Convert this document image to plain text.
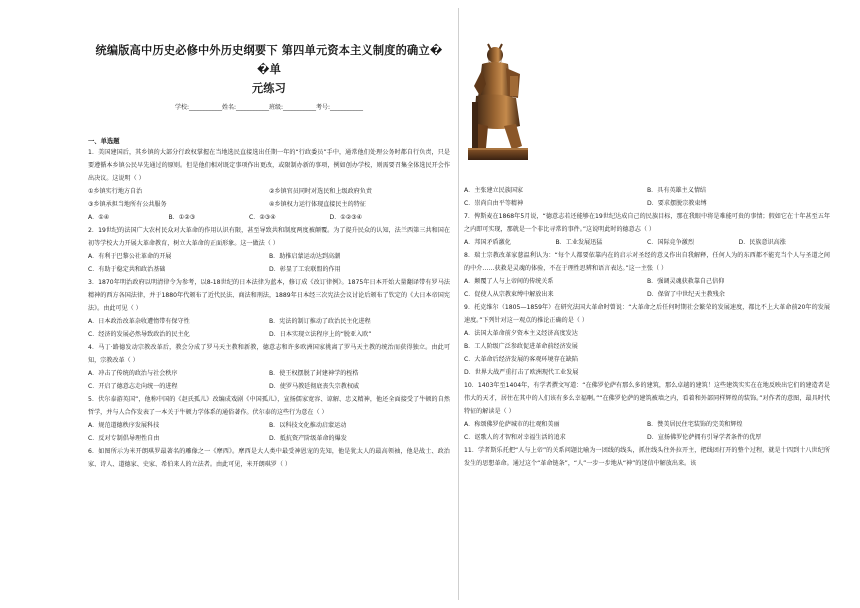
统编版高中历史必修中外历史纲要下 第四单元资本主义制度的确立� �单
元练习
学校:___________姓名:___________班级:___________考号:___________
一、单选题

1．美国建国后，其乡镇的大部分行政权掌握在当地选民直接选出任期一年的“行政委员”手中，通常他们处理公务时都自行负责，只是要遵循本乡镇公民早先通过的原则。但是他们相对既定事项作出更改，或限制办新的事项，例如创办学校，则需要召集全体选民开会作出决议。这说明（ ）

①乡镇实行地方自治	②乡镇官员同时对选民和上级政府负责
③乡镇承担当地所有公共服务	④乡镇权力运行体现直接民主的特征
A．①④	B．①②③	C．②③④	D．①②③④

2．19世纪的法国广大农村民众对大革命的作用认识有限，甚至导致共和制度两度被颠覆。为了提升民众的认知，法兰西第三共和国在初等学校大力开展大革命教育，树立大革命的正面形象。这一做法（ ）

A．有利于巴黎公社革命的开展	B．助推启蒙运动达到高潮
C．有助于稳定共和政治基础	D．彰显了工农联盟的作用

3．1870年明治政府以明清律令为参考，以8-18世纪的日本法律为蓝本，修订成《改订律例》。1875年日本开始大量翻译带有罗马法精神的西方各国法律，并于1880年代颁布了近代民法、商法和刑法，1889年日本经三次宪法会议讨论后颁布了钦定的《大日本帝国宪法》。由此可见（ ）

A．日本政治改革杂收遭惰带有保守性	B．宪法的制订推动了政治民主化进程
C．经济的发展必然导致政治的民主化	D．日本实现立法程序上的“脱亚入欧”

4．马丁·路德发动宗教改革后，教会分成了罗马天主教和新教，德意志和许多欧洲国家挑离了罗马天主教的统治而获得独立。由此可知，宗教改革（ ）

A．冲击了传统的政治与社会秩序	B．使王权摆脱了封建神学的桎梏
C．开启了德意志走向统一的进程	D．使罗马教廷彻底丧失宗教权威

5．伏尔泰游英国”，他称中国的《赵氏孤儿》改编成戏剧《中国孤儿》，宣扬儒家宽容、谅解、忠义精神，他还全面接受了牛顿的自然哲学，并与人合作发表了一本关于牛顿力学体系的通俗著作。伏尔泰的这些行为意在（ ）

A．规范道德秩序发展科技	B．以科技文化推动启蒙运动
C．反对专制倡导理性自由	D．抵抗资产阶级革命的爆发

6．如图所示为米开朗琪罗最著名的雕像之一《摩西》。摩西是大人类中最受神恩宠的先知，他是犹太人的最高领袖，他是战士、政治家、诗人、道德家、史家、希伯来人的立法者。由此可见，米开朗琪罗（ ）

A．主张建立民族国家	B．具有英雄主义情结
C．崇尚自由平等精神	D．要求摆脱宗教束缚

7．俾斯麦在1868年5月说，“德意志若还能够在19世纪达成自己的民族目标，那在我眼中将是难能可贵的事情；假如它在十年甚至五年之内即可实现，那就是一个非比寻常的事件。”这说明此时的德意志（ ）

A．邦国矛盾激化	B．工业发展迅猛	C．国际竞争激烈	D．民族意识高涨

8．瑞士宗教改革家慈温利认为：“每个人都要依靠内在的启示对圣经的意义作出自我解释，任何人为的东西都不能充当个人与圣道之间的中介……获救是灵魂的体验，不在于理性思辨和语言表达。”这一主张（ ）

A．颠覆了人与上帝间的传统关系	B．强调灵魂获救靠自己信仰
C．促使人从宗教束缚中解放出来	D．保留了中世纪天主教残余

9．托克维尔（1805—1859年）在研究法国大革命时曾说：“大革命之后任何时期社会繁荣的发展速度，都比不上大革命前20年的发展速度。”下列针对这一观点的推论正确的是（ ）

A．法国大革命前夕资本主义经济高度发达
B．工人阶级广泛参政促进革命前经济发展
C．大革命后经济发展的客观环境存在缺陷
D．世界大战严重打击了欧洲现代工业发展

10．1403年至1404年，有学者撰文写道：“在佛罗伦萨有那么多的建筑，那么卓越的建筑！这些建筑实实在在地反映出它们的建造者是伟大的天才，居住在其中的人们该有多么幸福啊。”“在佛罗伦萨的建筑被墙之内，看着和外部同样辉煌的装饰。”对作者的意图，最具时代特征的解读是（ ）

A．称颂佛罗伦萨城市的壮观和美丽	B．赞美居民住宅装饰的完美和辉煌
C．讴歌人的才智和对幸福生活的追求	D．宣扬佛罗伦萨拥有引导学者条件的优厚

11．学者斯乐托把“人与上帝”的关系问题比喻为一团线的线头，抓住线头往外拉开主，把线团打开的整个过程，就是十四到十八世纪所发生的思想革命。通过这个“革命链条”，“人”一步一步地从“神”的迷信中解放出来。该
